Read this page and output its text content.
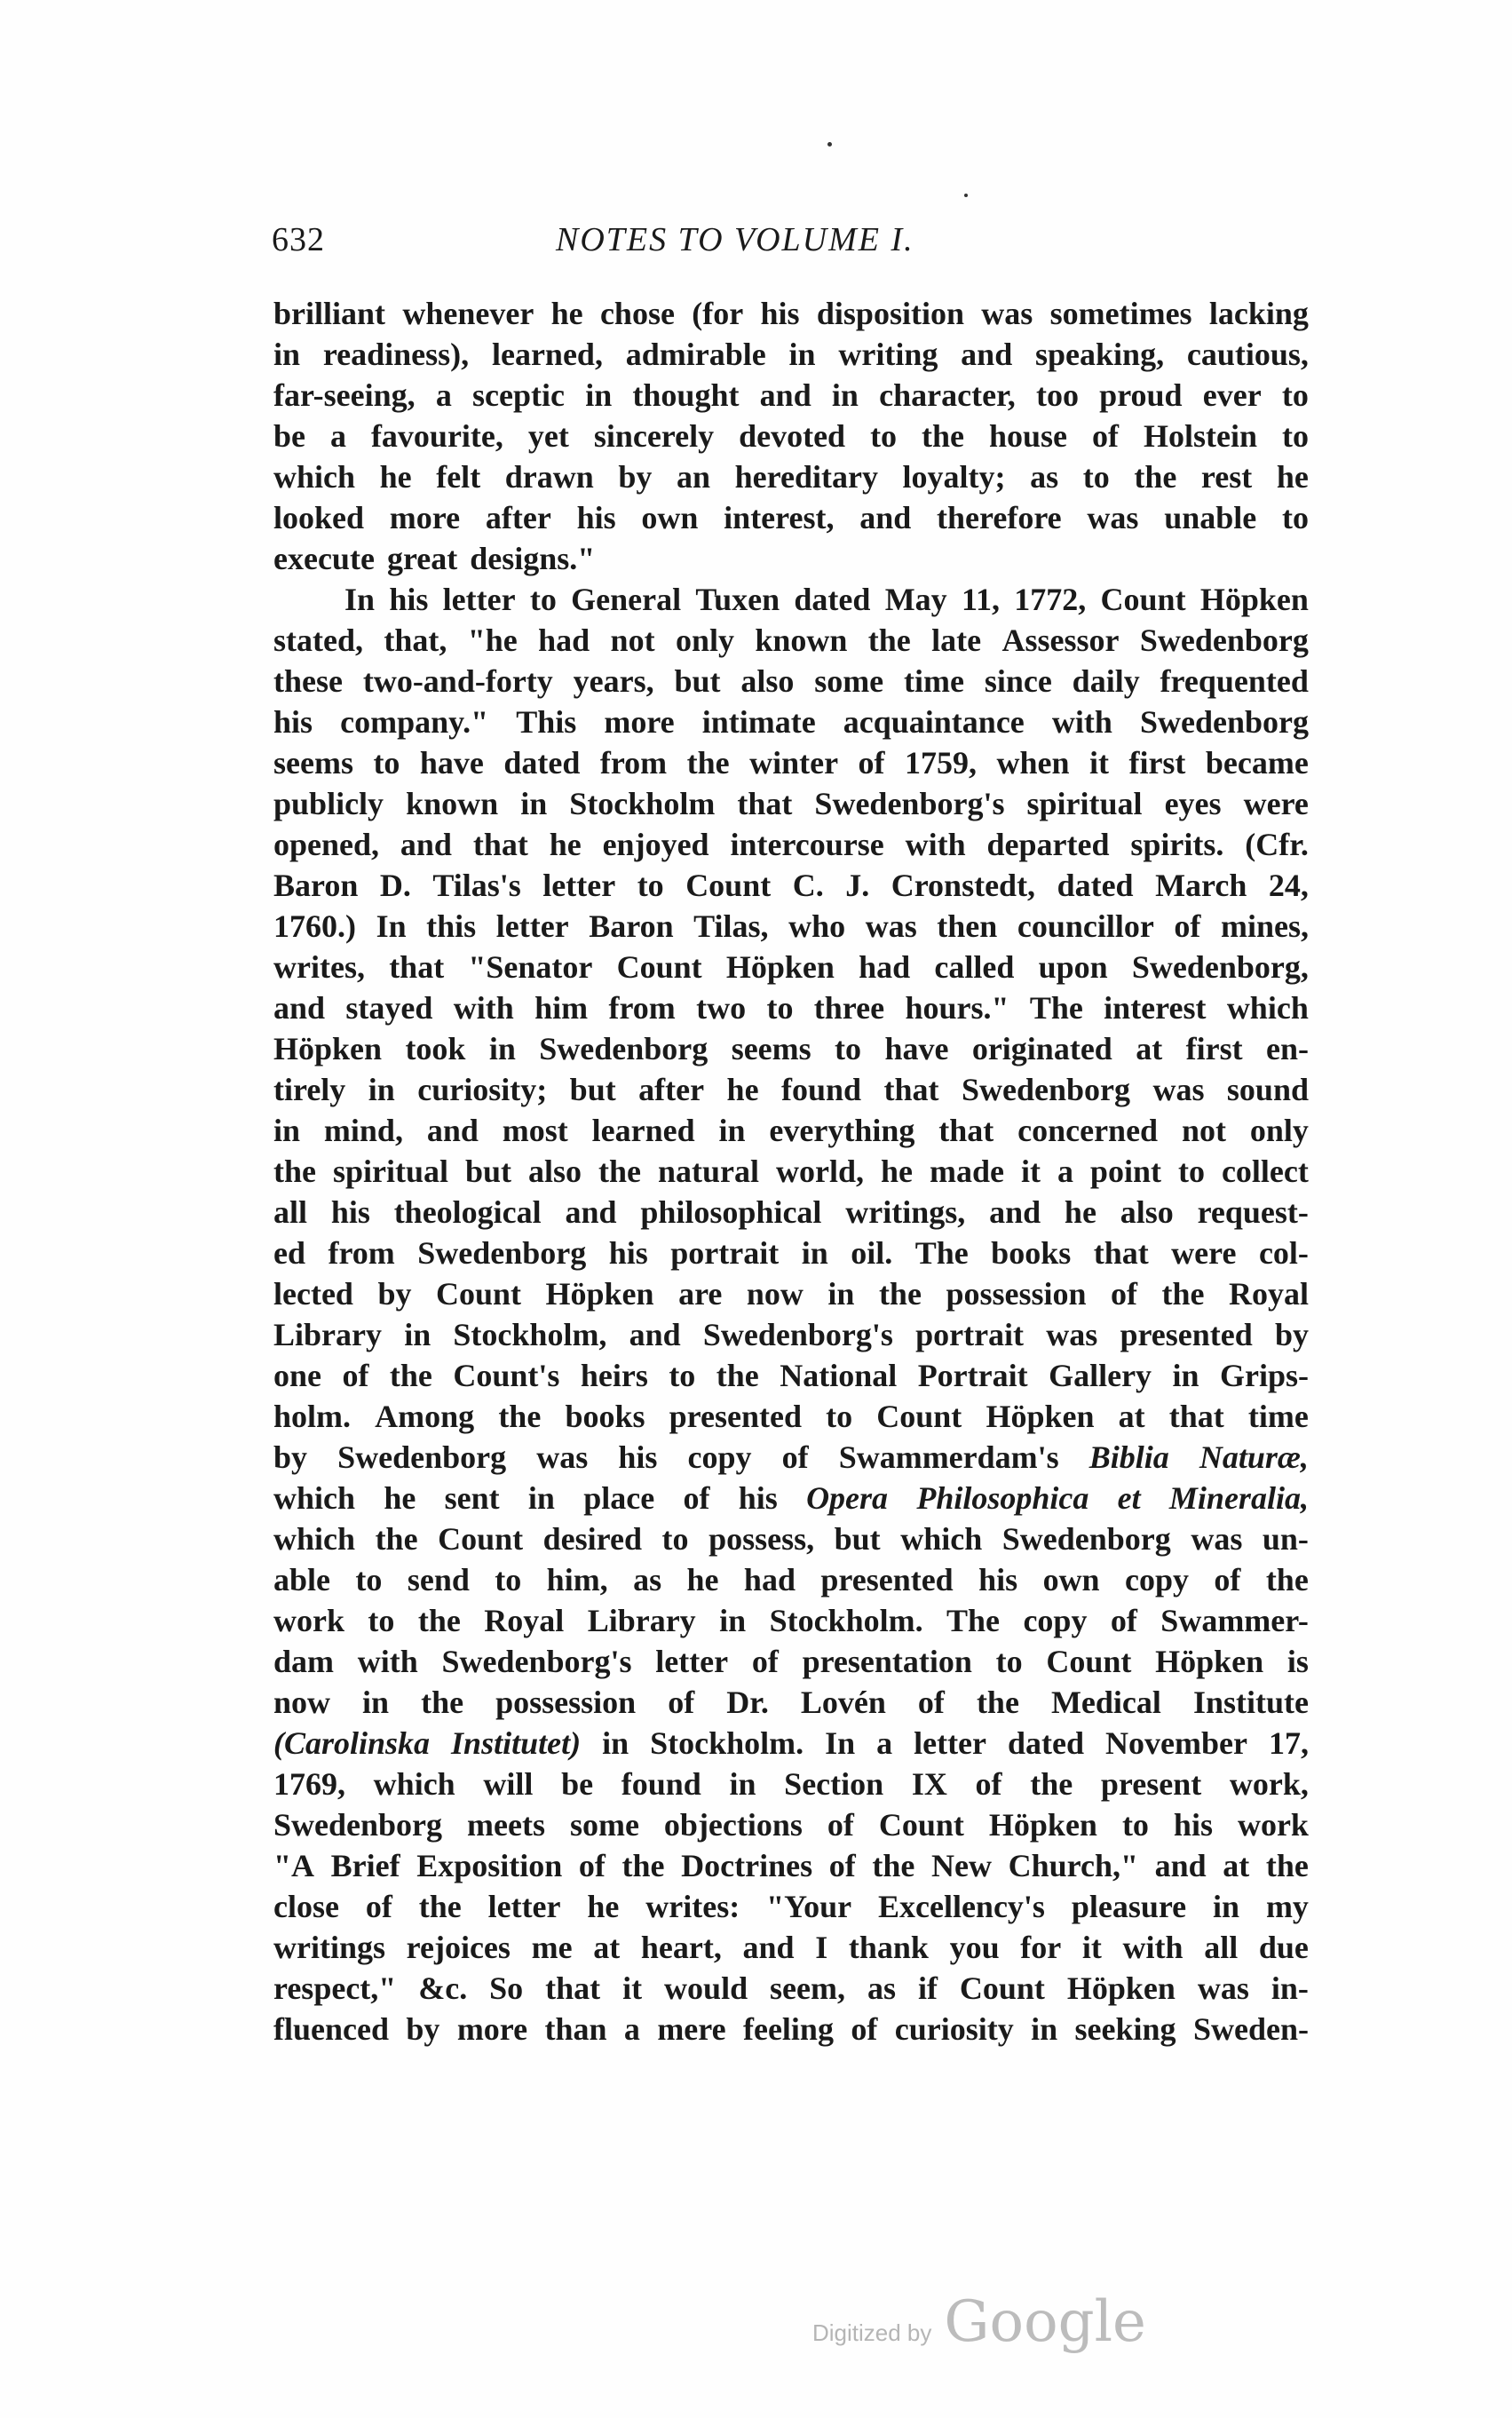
632	NOTES TO VOLUME I.
brilliant whenever he chose (for his disposition was sometimes lacking
in readiness), learned, admirable in writing and speaking, cautious,
far-seeing, a sceptic in thought and in character, too proud ever to
be a favourite, yet sincerely devoted to the house of Holstein to
which he felt drawn by an hereditary loyalty; as to the rest he
looked more after his own interest, and therefore was unable to
execute great designs."
In his letter to General Tuxen dated May 11, 1772, Count Höpken
stated, that, "he had not only known the late Assessor Swedenborg
these two-and-forty years, but also some time since daily frequented
his company." This more intimate acquaintance with Swedenborg
seems to have dated from the winter of 1759, when it first became
publicly known in Stockholm that Swedenborg's spiritual eyes were
opened, and that he enjoyed intercourse with departed spirits. (Cfr.
Baron D. Tilas's letter to Count C. J. Cronstedt, dated March 24,
1760.) In this letter Baron Tilas, who was then councillor of mines,
writes, that "Senator Count Höpken had called upon Swedenborg,
and stayed with him from two to three hours." The interest which
Höpken took in Swedenborg seems to have originated at first en-
tirely in curiosity; but after he found that Swedenborg was sound
in mind, and most learned in everything that concerned not only
the spiritual but also the natural world, he made it a point to collect
all his theological and philosophical writings, and he also request-
ed from Swedenborg his portrait in oil. The books that were col-
lected by Count Höpken are now in the possession of the Royal
Library in Stockholm, and Swedenborg's portrait was presented by
one of the Count's heirs to the National Portrait Gallery in Grips-
holm. Among the books presented to Count Höpken at that time
by Swedenborg was his copy of Swammerdam's Biblia Naturæ,
which he sent in place of his Opera Philosophica et Mineralia,
which the Count desired to possess, but which Swedenborg was un-
able to send to him, as he had presented his own copy of the
work to the Royal Library in Stockholm. The copy of Swammer-
dam with Swedenborg's letter of presentation to Count Höpken is
now in the possession of Dr. Lovén of the Medical Institute
(Carolinska Institutet) in Stockholm. In a letter dated November 17,
1769, which will be found in Section IX of the present work,
Swedenborg meets some objections of Count Höpken to his work
"A Brief Exposition of the Doctrines of the New Church," and at the
close of the letter he writes: "Your Excellency's pleasure in my
writings rejoices me at heart, and I thank you for it with all due
respect," &c. So that it would seem, as if Count Höpken was in-
fluenced by more than a mere feeling of curiosity in seeking Sweden-
Digitized by Google
